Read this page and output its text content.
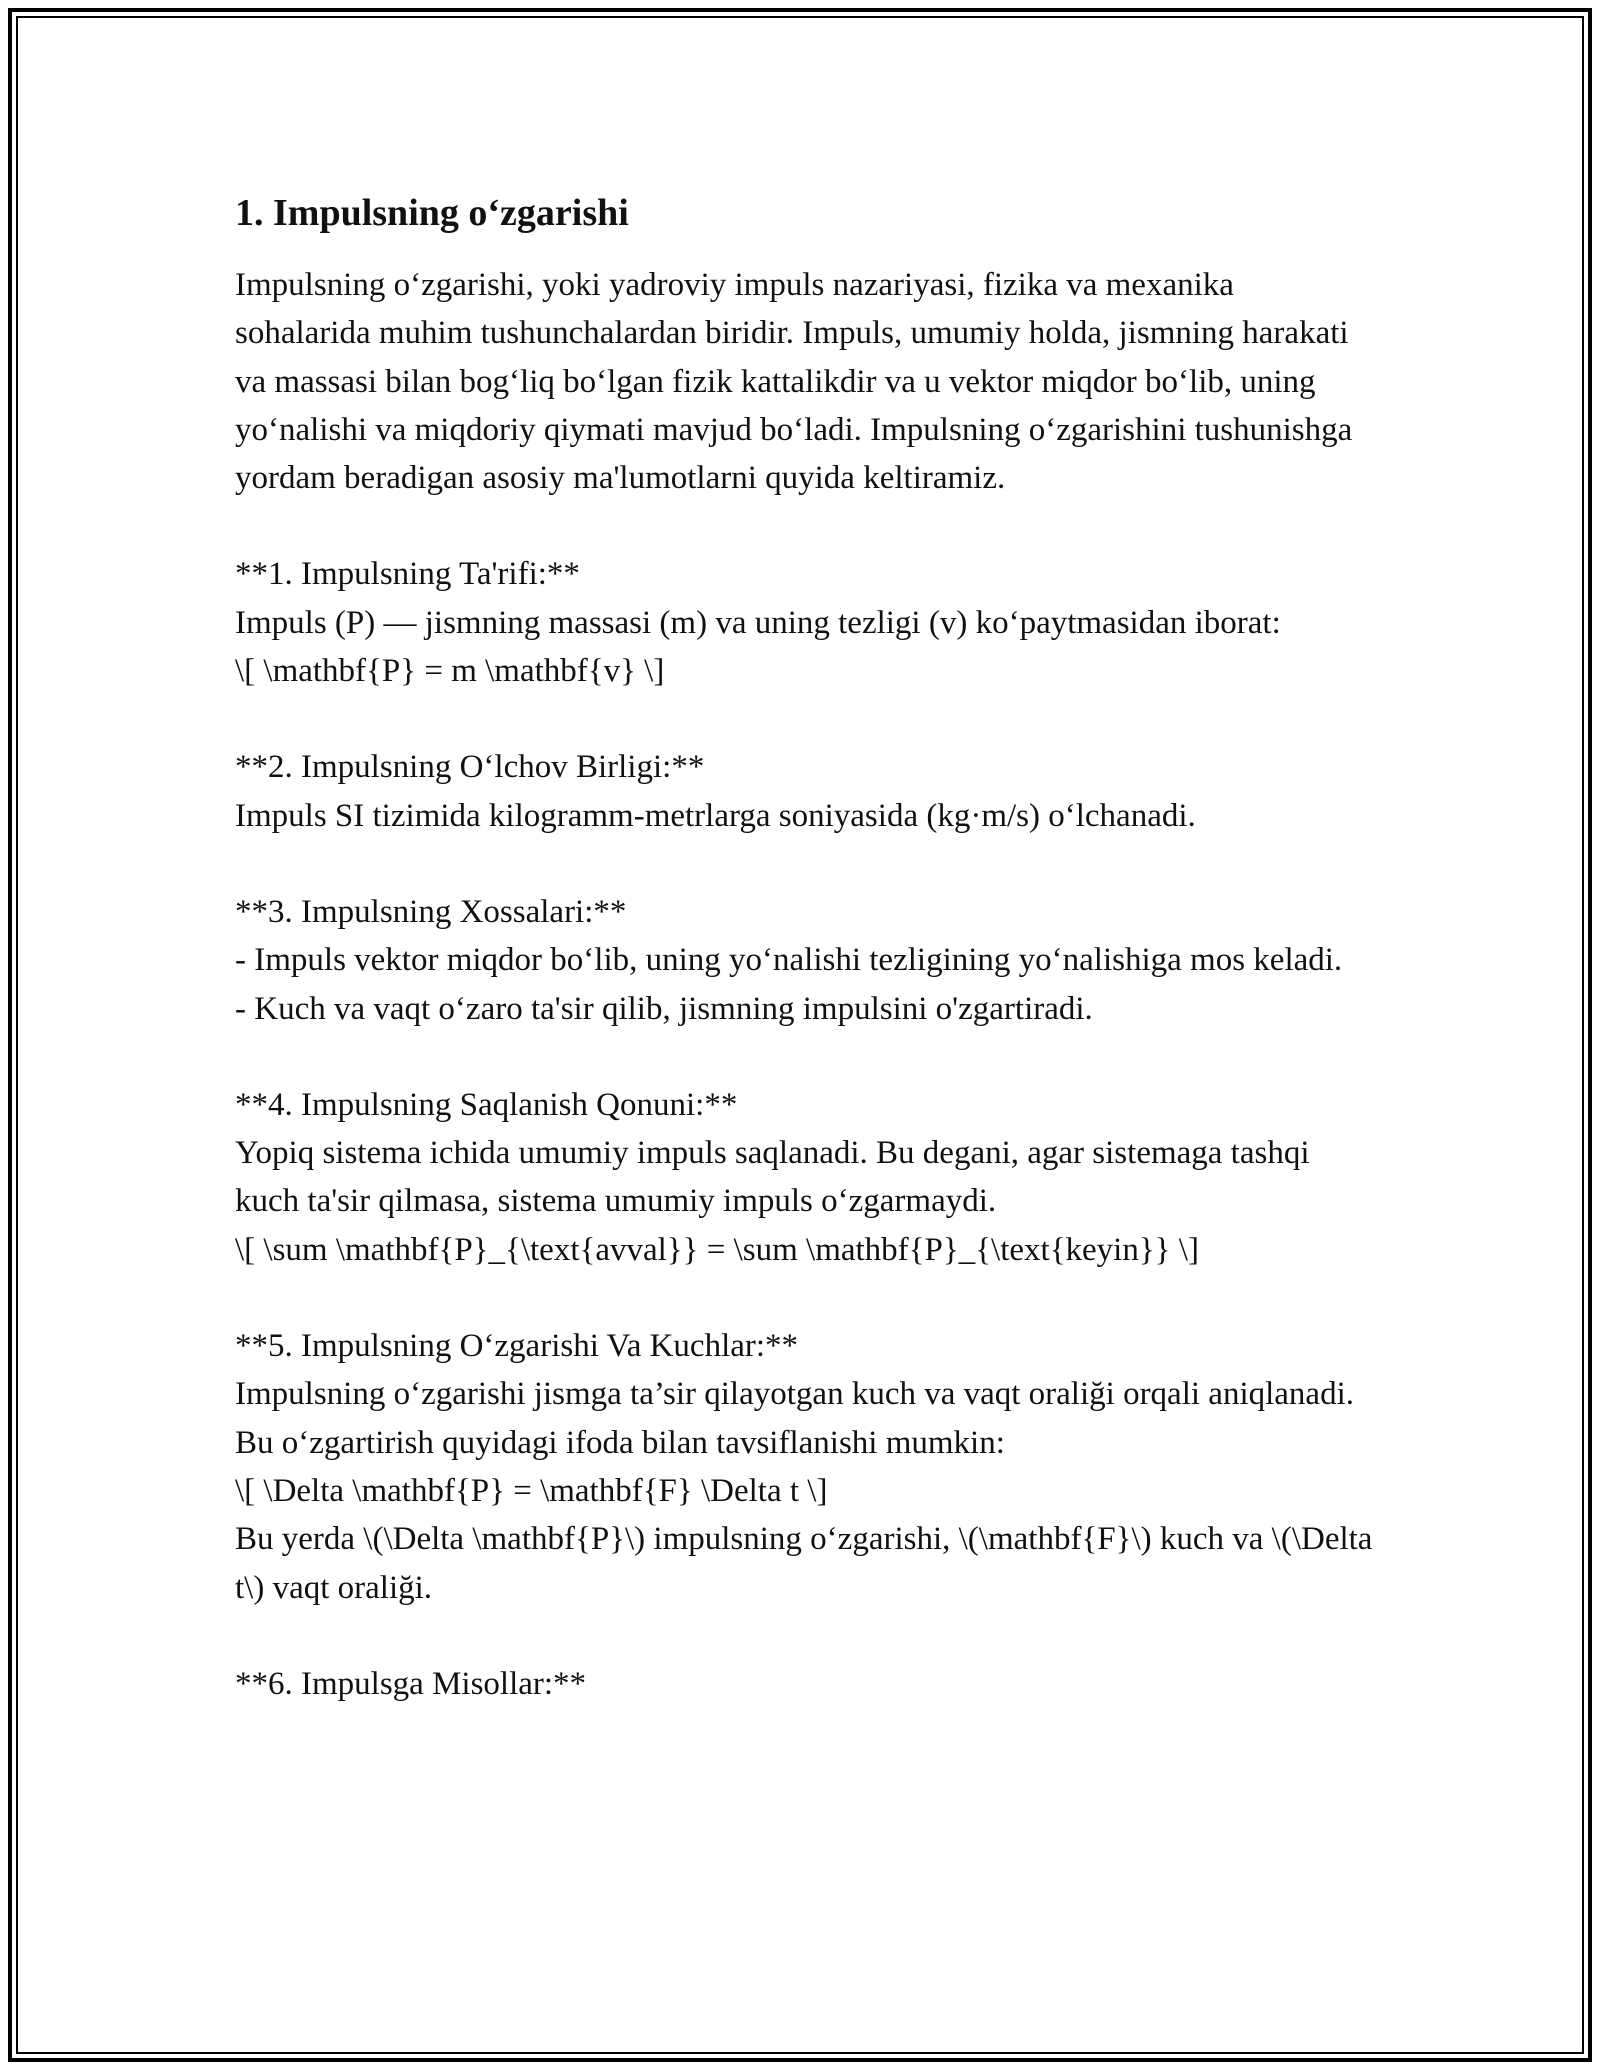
1. Impulsning o‘zgarishi

Impulsning o‘zgarishi, yoki yadroviy impuls nazariyasi, fizika va mexanika sohalarida muhim tushunchalardan biridir. Impuls, umumiy holda, jismning harakati va massasi bilan bog‘liq bo‘lgan fizik kattalikdir va u vektor miqdor bo‘lib, uning yo‘nalishi va miqdoriy qiymati mavjud bo‘ladi. Impulsning o‘zgarishini tushunishga yordam beradigan asosiy ma'lumotlarni quyida keltiramiz.

**1. Impulsning Ta'rifi:**

Impuls (P) — jismning massasi (m) va uning tezligi (v) ko‘paytmasidan iborat:

\[ \mathbf{P} = m \mathbf{v} \]

**2. Impulsning O‘lchov Birligi:**

Impuls SI tizimida kilogramm-metrlarga soniyasida (kg·m/s) o‘lchanadi.

**3. Impulsning Xossalari:**

- Impuls vektor miqdor bo‘lib, uning yo‘nalishi tezligining yo‘nalishiga mos keladi.

- Kuch va vaqt o‘zaro ta'sir qilib, jismning impulsini o'zgartiradi.

**4. Impulsning Saqlanish Qonuni:**

Yopiq sistema ichida umumiy impuls saqlanadi. Bu degani, agar sistemaga tashqi kuch ta'sir qilmasa, sistema umumiy impuls o‘zgarmaydi.

\[ \sum \mathbf{P}_{\text{avval}} = \sum \mathbf{P}_{\text{keyin}} \]

**5. Impulsning O‘zgarishi Va Kuchlar:**

Impulsning o‘zgarishi jismga ta’sir qilayotgan kuch va vaqt oraliği orqali aniqlanadi. Bu o‘zgartirish quyidagi ifoda bilan tavsiflanishi mumkin:

\[ \Delta \mathbf{P} = \mathbf{F} \Delta t \]

Bu yerda \(\Delta \mathbf{P}\) impulsning o‘zgarishi, \(\mathbf{F}\) kuch va \(\Delta t\) vaqt oraliği.

**6. Impulsga Misollar:**
